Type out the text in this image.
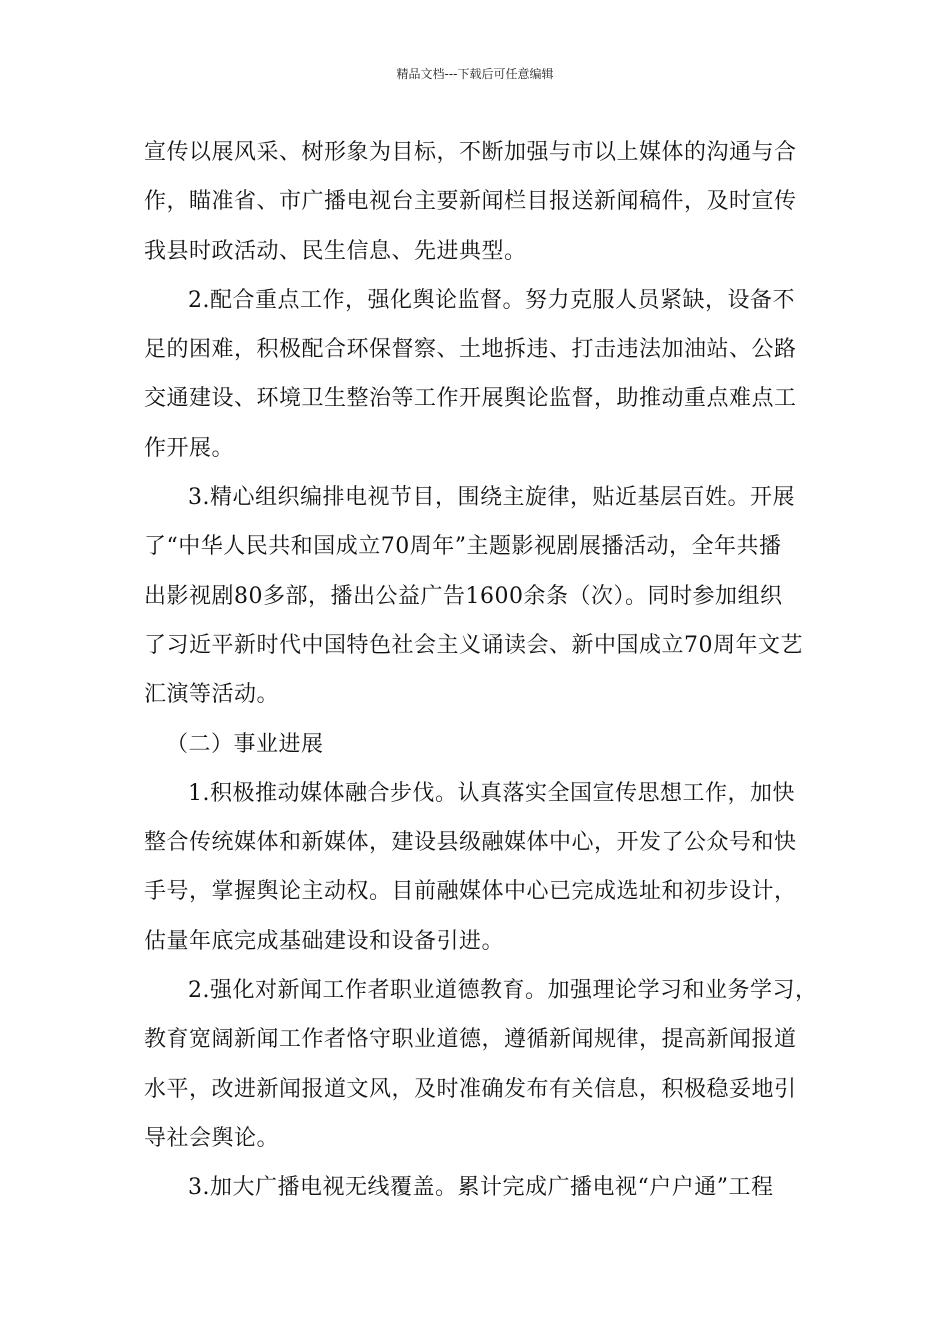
精品文档---下载后可任意编辑
宣传以展风采、树形象为目标，不断加强与市以上媒体的沟通与合
作，瞄准省、市广播电视台主要新闻栏目报送新闻稿件，及时宣传
我县时政活动、民生信息、先进典型。
2.配合重点工作，强化舆论监督。努力克服人员紧缺，设备不
足的困难，积极配合环保督察、土地拆违、打击违法加油站、公路
交通建设、环境卫生整治等工作开展舆论监督，助推动重点难点工
作开展。
3.精心组织编排电视节目，围绕主旋律，贴近基层百姓。开展
了“中华人民共和国成立70周年”主题影视剧展播活动，全年共播
出影视剧80多部，播出公益广告1600余条（次）。同时参加组织
了习近平新时代中国特色社会主义诵读会、新中国成立70周年文艺
汇演等活动。
（二）事业进展
1.积极推动媒体融合步伐。认真落实全国宣传思想工作，加快
整合传统媒体和新媒体，建设县级融媒体中心，开发了公众号和快
手号，掌握舆论主动权。目前融媒体中心已完成选址和初步设计，
估量年底完成基础建设和设备引进。
2.强化对新闻工作者职业道德教育。加强理论学习和业务学习，
教育宽阔新闻工作者恪守职业道德，遵循新闻规律，提高新闻报道
水平，改进新闻报道文风，及时准确发布有关信息，积极稳妥地引
导社会舆论。
3.加大广播电视无线覆盖。累计完成广播电视“户户通”工程
